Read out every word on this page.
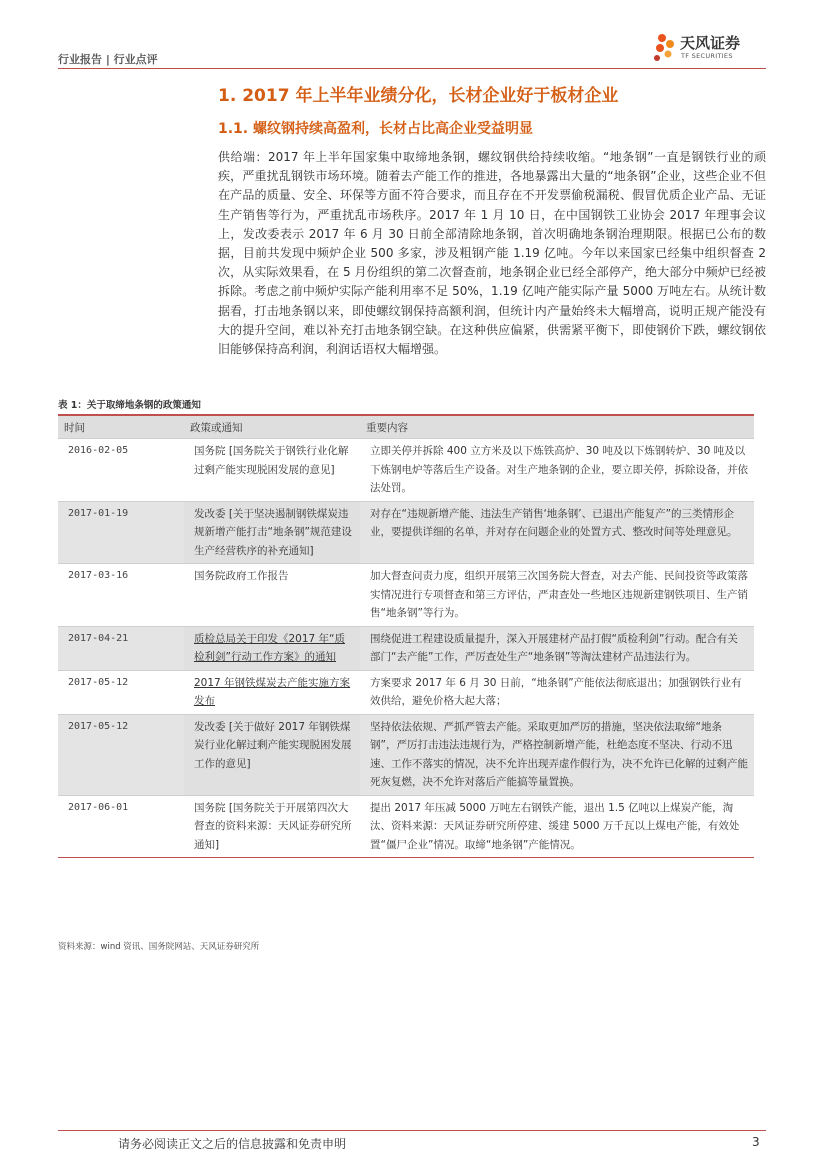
行业报告 | 行业点评
天风证券
TF SECURITIES
1. 2017 年上半年业绩分化，长材企业好于板材企业
1.1. 螺纹钢持续高盈利，长材占比高企业受益明显
供给端：2017 年上半年国家集中取缔地条钢，螺纹钢供给持续收缩。“地条钢”一直是钢铁行业的顽疾，严重扰乱钢铁市场环境。随着去产能工作的推进，各地暴露出大量的“地条钢”企业，这些企业不但在产品的质量、安全、环保等方面不符合要求，而且存在不开发票偷税漏税、假冒优质企业产品、无证生产销售等行为，严重扰乱市场秩序。2017 年 1 月 10 日，在中国钢铁工业协会 2017 年理事会议上，发改委表示 2017 年 6 月 30 日前全部清除地条钢，首次明确地条钢治理期限。根据已公布的数据，目前共发现中频炉企业 500 多家，涉及粗钢产能 1.19 亿吨。今年以来国家已经集中组织督查 2 次，从实际效果看，在 5 月份组织的第二次督查前，地条钢企业已经全部停产，绝大部分中频炉已经被拆除。考虑之前中频炉实际产能利用率不足 50%，1.19 亿吨产能实际产量 5000 万吨左右。从统计数据看，打击地条钢以来，即使螺纹钢保持高额利润，但统计内产量始终未大幅增高，说明正规产能没有大的提升空间，难以补充打击地条钢空缺。在这种供应偏紧，供需紧平衡下，即使钢价下跌，螺纹钢依旧能够保持高利润，利润话语权大幅增强。
表 1：关于取缔地条钢的政策通知
时间	政策或通知	重要内容
2016-02-05	国务院 [国务院关于钢铁行业化解过剩产能实现脱困发展的意见]	立即关停并拆除 400 立方米及以下炼铁高炉、30 吨及以下炼钢转炉、30 吨及以下炼钢电炉等落后生产设备。对生产地条钢的企业，要立即关停，拆除设备，并依法处罚。
2017-01-19	发改委 [关于坚决遏制钢铁煤炭违规新增产能打击“地条钢”规范建设生产经营秩序的补充通知]	对存在“违规新增产能、违法生产销售‘地条钢’、已退出产能复产”的三类情形企业，要提供详细的名单，并对存在问题企业的处置方式、整改时间等处理意见。
2017-03-16	国务院政府工作报告	加大督查问责力度，组织开展第三次国务院大督查，对去产能、民间投资等政策落实情况进行专项督查和第三方评估，严肃查处一些地区违规新建钢铁项目、生产销售“地条钢”等行为。
2017-04-21	质检总局关于印发《2017 年“质检利剑”行动工作方案》的通知	围绕促进工程建设质量提升，深入开展建材产品打假“质检利剑”行动。配合有关部门“去产能”工作，严厉查处生产“地条钢”等淘汰建材产品违法行为。
2017-05-12	2017 年钢铁煤炭去产能实施方案发布	方案要求 2017 年 6 月 30 日前，“地条钢”产能依法彻底退出；加强钢铁行业有效供给，避免价格大起大落；
2017-05-12	发改委 [关于做好 2017 年钢铁煤炭行业化解过剩产能实现脱困发展工作的意见]	坚持依法依规、严抓严管去产能。采取更加严厉的措施，坚决依法取缔“地条钢”，严厉打击违法违规行为，严格控制新增产能，杜绝态度不坚决、行动不迅速、工作不落实的情况，决不允许出现弄虚作假行为，决不允许已化解的过剩产能死灰复燃，决不允许对落后产能搞等量置换。
2017-06-01	国务院 [国务院关于开展第四次大督查的资料来源：天风证券研究所通知]	提出 2017 年压减 5000 万吨左右钢铁产能，退出 1.5 亿吨以上煤炭产能，淘汰、资料来源：天风证券研究所停建、缓建 5000 万千瓦以上煤电产能，有效处置“僵尸企业”情况。取缔“地条钢”产能情况。
资料来源：wind 资讯、国务院网站、天风证券研究所
请务必阅读正文之后的信息披露和免责申明	3
